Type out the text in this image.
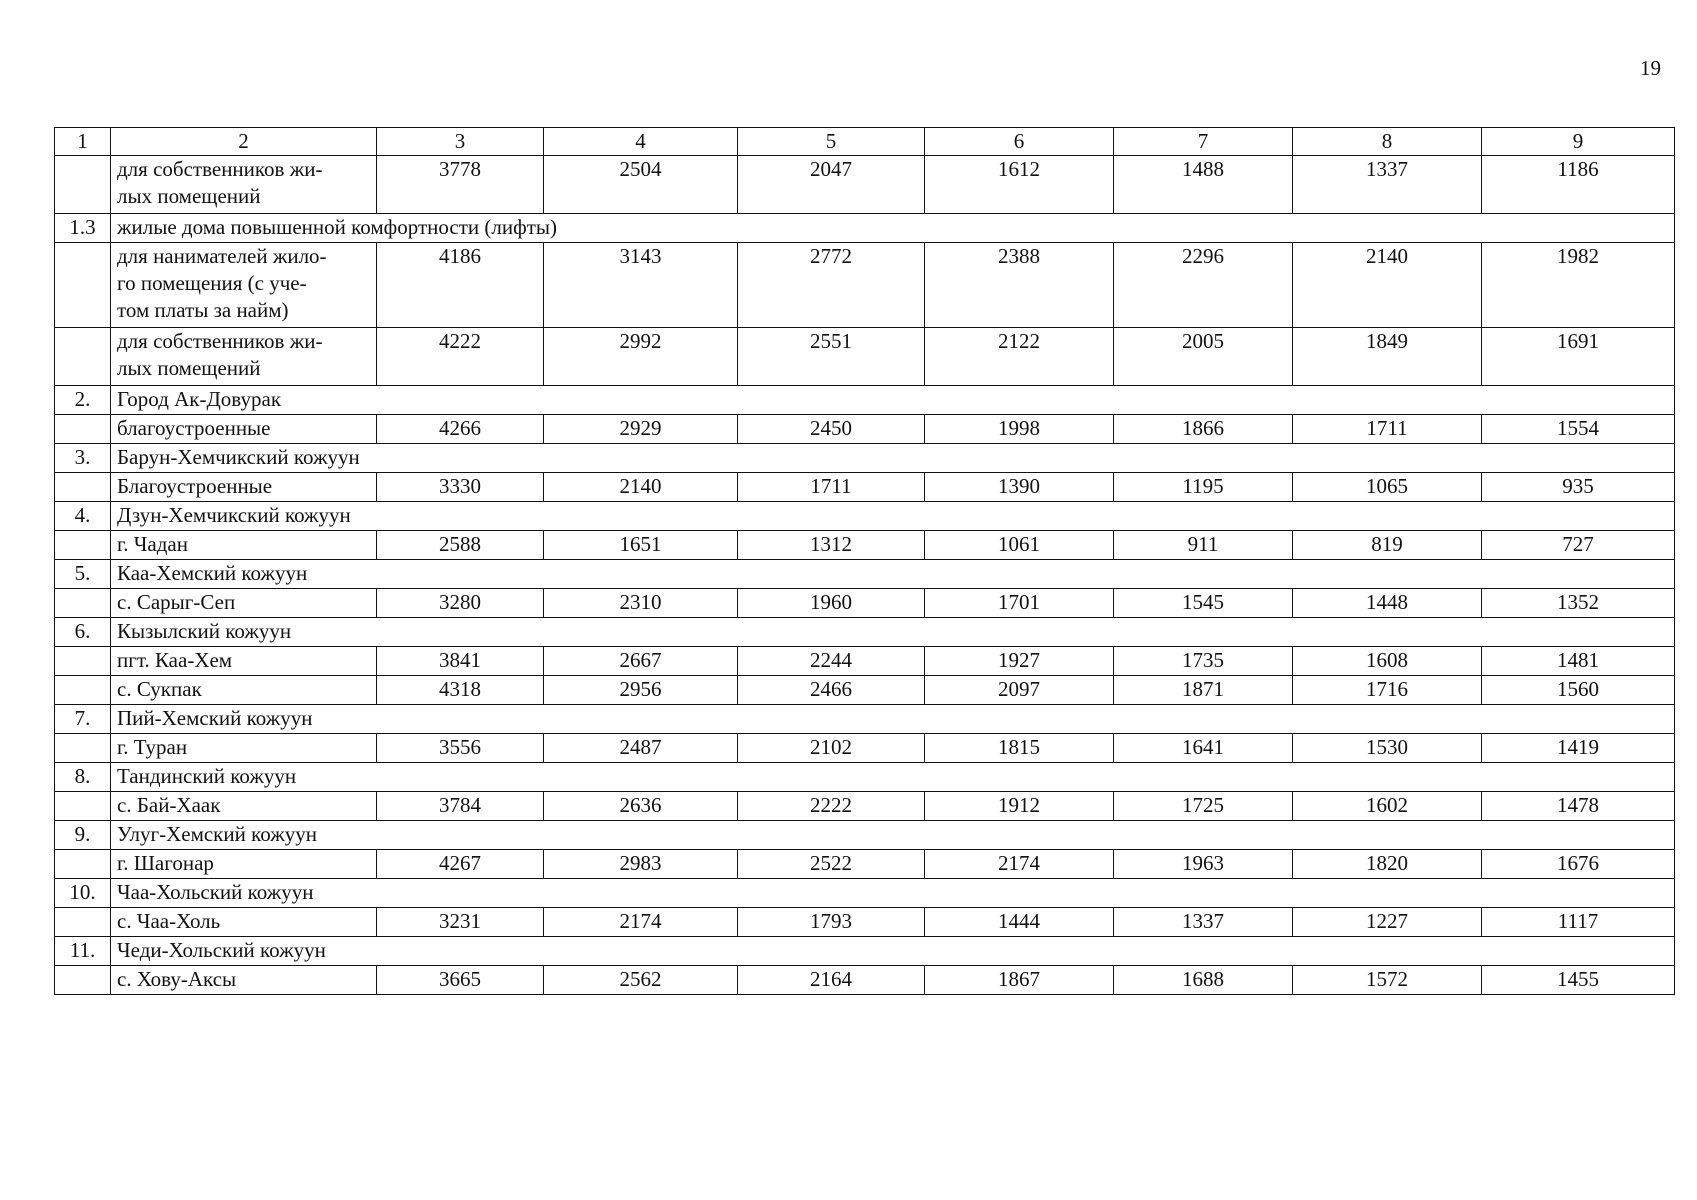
19
1	2	3	4	5	6	7	8	9
	для собственников жи-
лых помещений	3778	2504	2047	1612	1488	1337	1186
1.3	жилые дома повышенной комфортности (лифты)							
	для нанимателей жило-
го помещения (с уче-
том платы за найм)	4186	3143	2772	2388	2296	2140	1982
	для собственников жи-
лых помещений	4222	2992	2551	2122	2005	1849	1691
2.	Город Ак-Довурак							
	благоустроенные	4266	2929	2450	1998	1866	1711	1554
3.	Барун-Хемчикский кожуун							
	Благоустроенные	3330	2140	1711	1390	1195	1065	935
4.	Дзун-Хемчикский кожуун							
	г. Чадан	2588	1651	1312	1061	911	819	727
5.	Каа-Хемский кожуун							
	с. Сарыг-Сеп	3280	2310	1960	1701	1545	1448	1352
6.	Кызылский кожуун							
	пгт. Каа-Хем	3841	2667	2244	1927	1735	1608	1481
	с. Сукпак	4318	2956	2466	2097	1871	1716	1560
7.	Пий-Хемский кожуун							
	г. Туран	3556	2487	2102	1815	1641	1530	1419
8.	Тандинский кожуун							
	с. Бай-Хаак	3784	2636	2222	1912	1725	1602	1478
9.	Улуг-Хемский кожуун							
	г. Шагонар	4267	2983	2522	2174	1963	1820	1676
10.	Чаа-Хольский кожуун							
	с. Чаа-Холь	3231	2174	1793	1444	1337	1227	1117
11.	Чеди-Хольский кожуун							
	с. Хову-Аксы	3665	2562	2164	1867	1688	1572	1455
